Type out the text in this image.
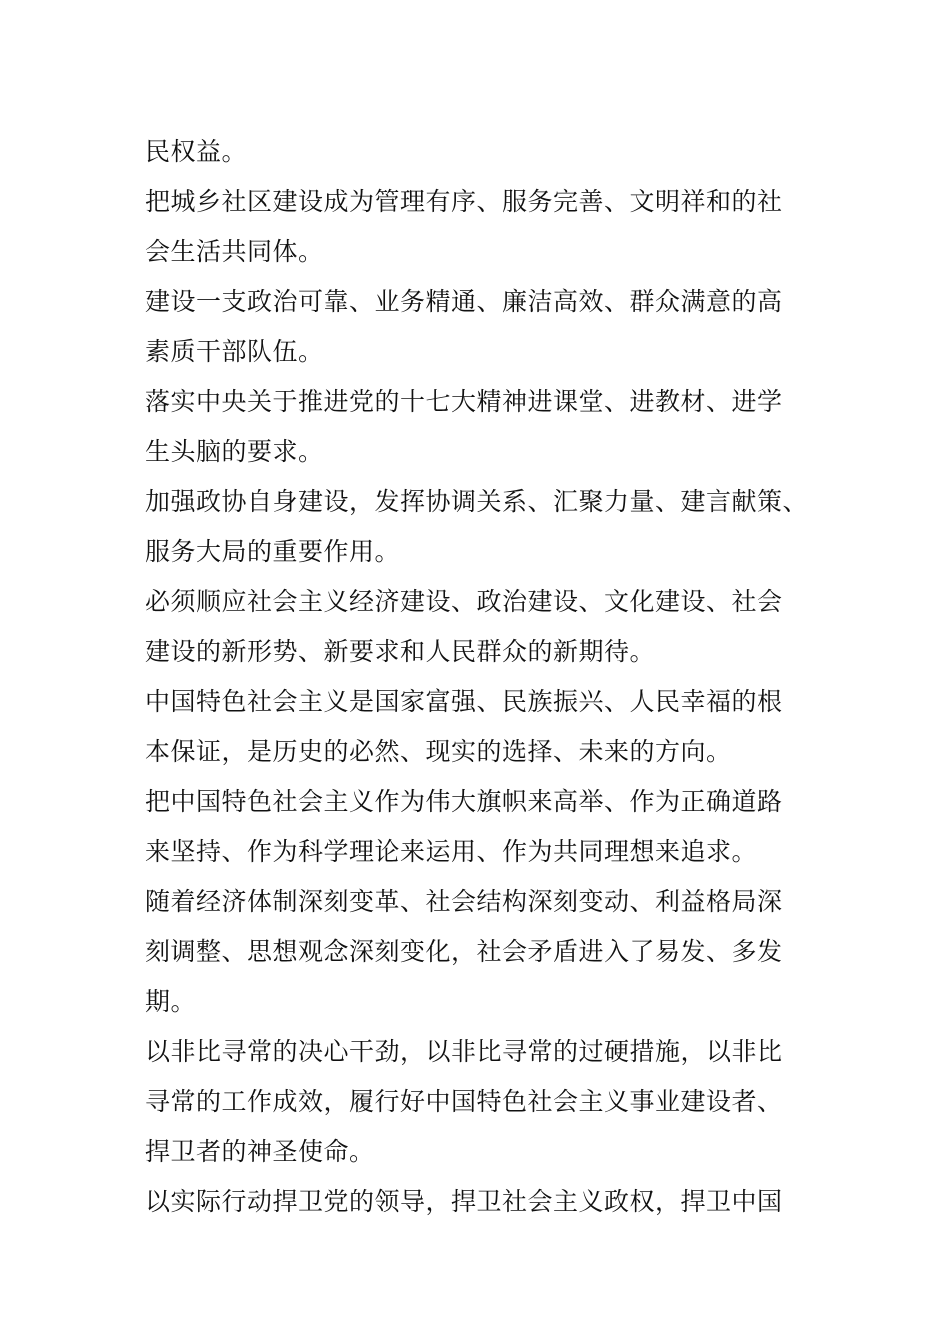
民权益。

把城乡社区建设成为管理有序、服务完善、文明祥和的社
会生活共同体。

建设一支政治可靠、业务精通、廉洁高效、群众满意的高
素质干部队伍。

落实中央关于推进党的十七大精神进课堂、进教材、进学
生头脑的要求。

加强政协自身建设，发挥协调关系、汇聚力量、建言献策、
服务大局的重要作用。

必须顺应社会主义经济建设、政治建设、文化建设、社会
建设的新形势、新要求和人民群众的新期待。

中国特色社会主义是国家富强、民族振兴、人民幸福的根
本保证，是历史的必然、现实的选择、未来的方向。

把中国特色社会主义作为伟大旗帜来高举、作为正确道路
来坚持、作为科学理论来运用、作为共同理想来追求。

随着经济体制深刻变革、社会结构深刻变动、利益格局深
刻调整、思想观念深刻变化，社会矛盾进入了易发、多发
期。

以非比寻常的决心干劲，以非比寻常的过硬措施，以非比
寻常的工作成效，履行好中国特色社会主义事业建设者、
捍卫者的神圣使命。

以实际行动捍卫党的领导，捍卫社会主义政权，捍卫中国
